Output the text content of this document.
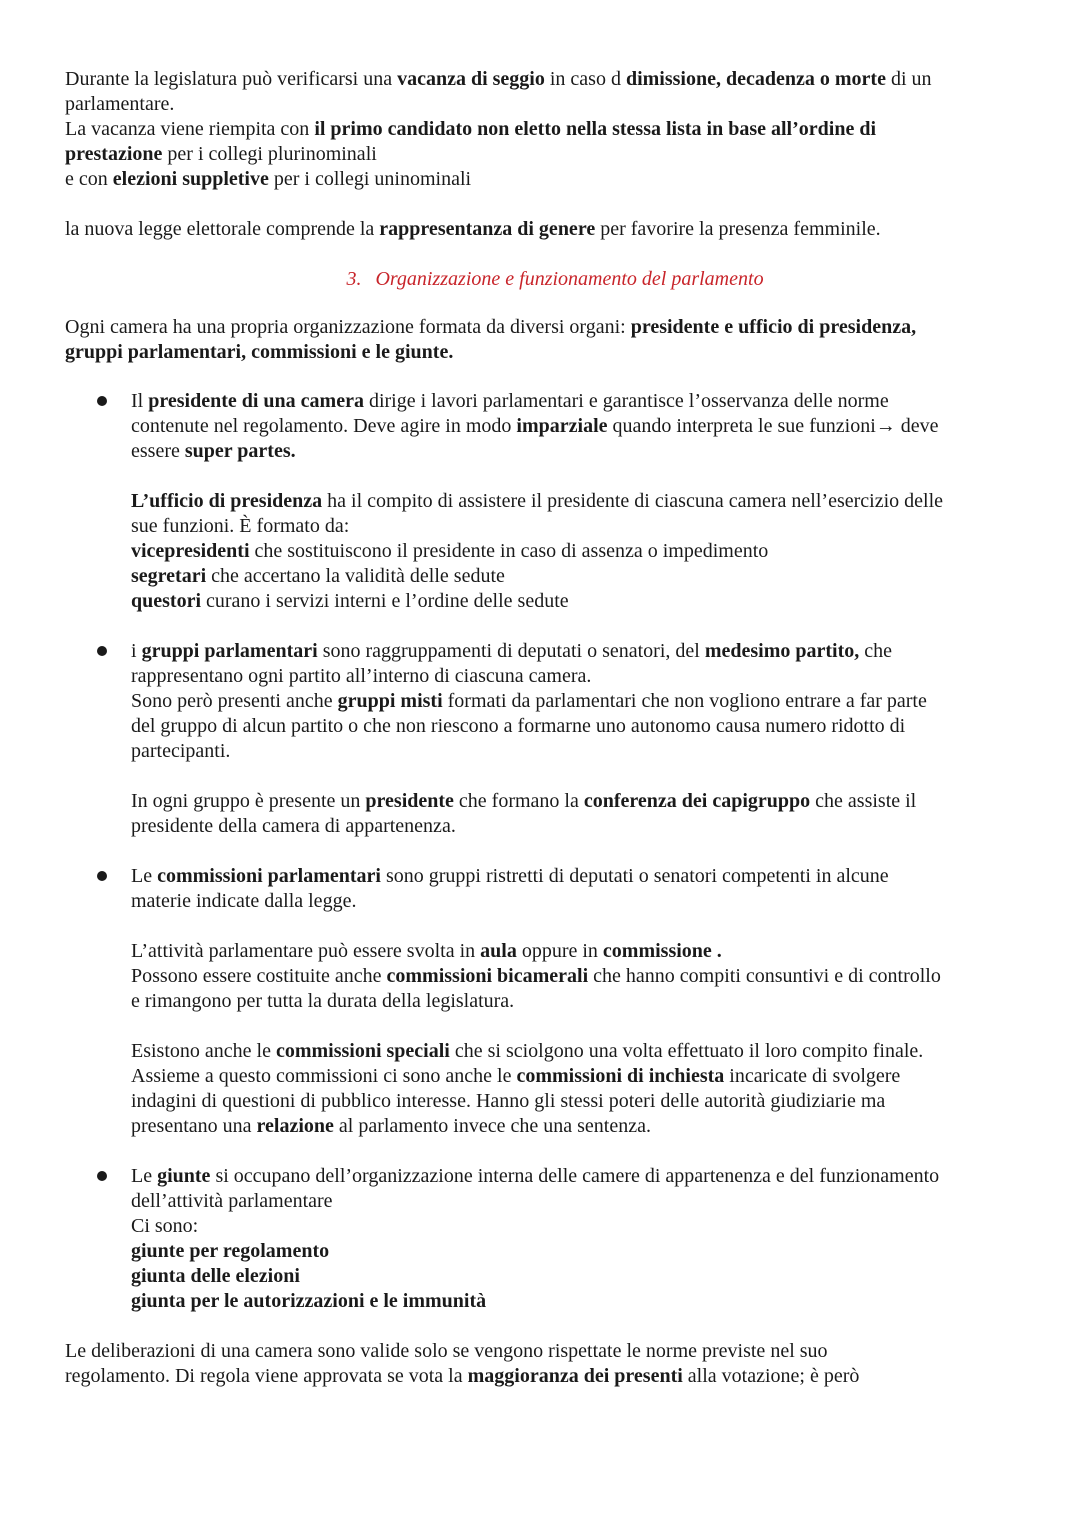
Durante la legislatura può verificarsi una vacanza di seggio in caso d dimissione, decadenza o morte di un
parlamentare.
La vacanza viene riempita con il primo candidato non eletto nella stessa lista in base all’ordine di
prestazione per i collegi plurinominali
e con elezioni suppletive per i collegi uninominali
la nuova legge elettorale comprende la rappresentanza di genere per favorire la presenza femminile.

3. Organizzazione e funzionamento del parlamento

Ogni camera ha una propria organizzazione formata da diversi organi: presidente e ufficio di presidenza,
gruppi parlamentari, commissioni e le giunte.
Il presidente di una camera dirige i lavori parlamentari e garantisce l’osservanza delle norme
contenute nel regolamento. Deve agire in modo imparziale quando interpreta le sue funzioni→ deve
essere super partes.
L’ufficio di presidenza ha il compito di assistere il presidente di ciascuna camera nell’esercizio delle
sue funzioni. È formato da:
vicepresidenti che sostituiscono il presidente in caso di assenza o impedimento
segretari che accertano la validità delle sedute
questori curano i servizi interni e l’ordine delle sedute
i gruppi parlamentari sono raggruppamenti di deputati o senatori, del medesimo partito, che
rappresentano ogni partito all’interno di ciascuna camera.
Sono però presenti anche gruppi misti formati da parlamentari che non vogliono entrare a far parte
del gruppo di alcun partito o che non riescono a formarne uno autonomo causa numero ridotto di
partecipanti.
In ogni gruppo è presente un presidente che formano la conferenza dei capigruppo che assiste il
presidente della camera di appartenenza.
Le commissioni parlamentari sono gruppi ristretti di deputati o senatori competenti in alcune
materie indicate dalla legge.
L’attività parlamentare può essere svolta in aula oppure in commissione .
Possono essere costituite anche commissioni bicamerali che hanno compiti consuntivi e di controllo
e rimangono per tutta la durata della legislatura.
Esistono anche le commissioni speciali che si sciolgono una volta effettuato il loro compito finale.
Assieme a questo commissioni ci sono anche le commissioni di inchiesta incaricate di svolgere
indagini di questioni di pubblico interesse. Hanno gli stessi poteri delle autorità giudiziarie ma
presentano una relazione al parlamento invece che una sentenza.
Le giunte si occupano dell’organizzazione interna delle camere di appartenenza e del funzionamento
dell’attività parlamentare
Ci sono:
giunte per regolamento
giunta delle elezioni
giunta per le autorizzazioni e le immunità
Le deliberazioni di una camera sono valide solo se vengono rispettate le norme previste nel suo
regolamento. Di regola viene approvata se vota la maggioranza dei presenti alla votazione; è però
